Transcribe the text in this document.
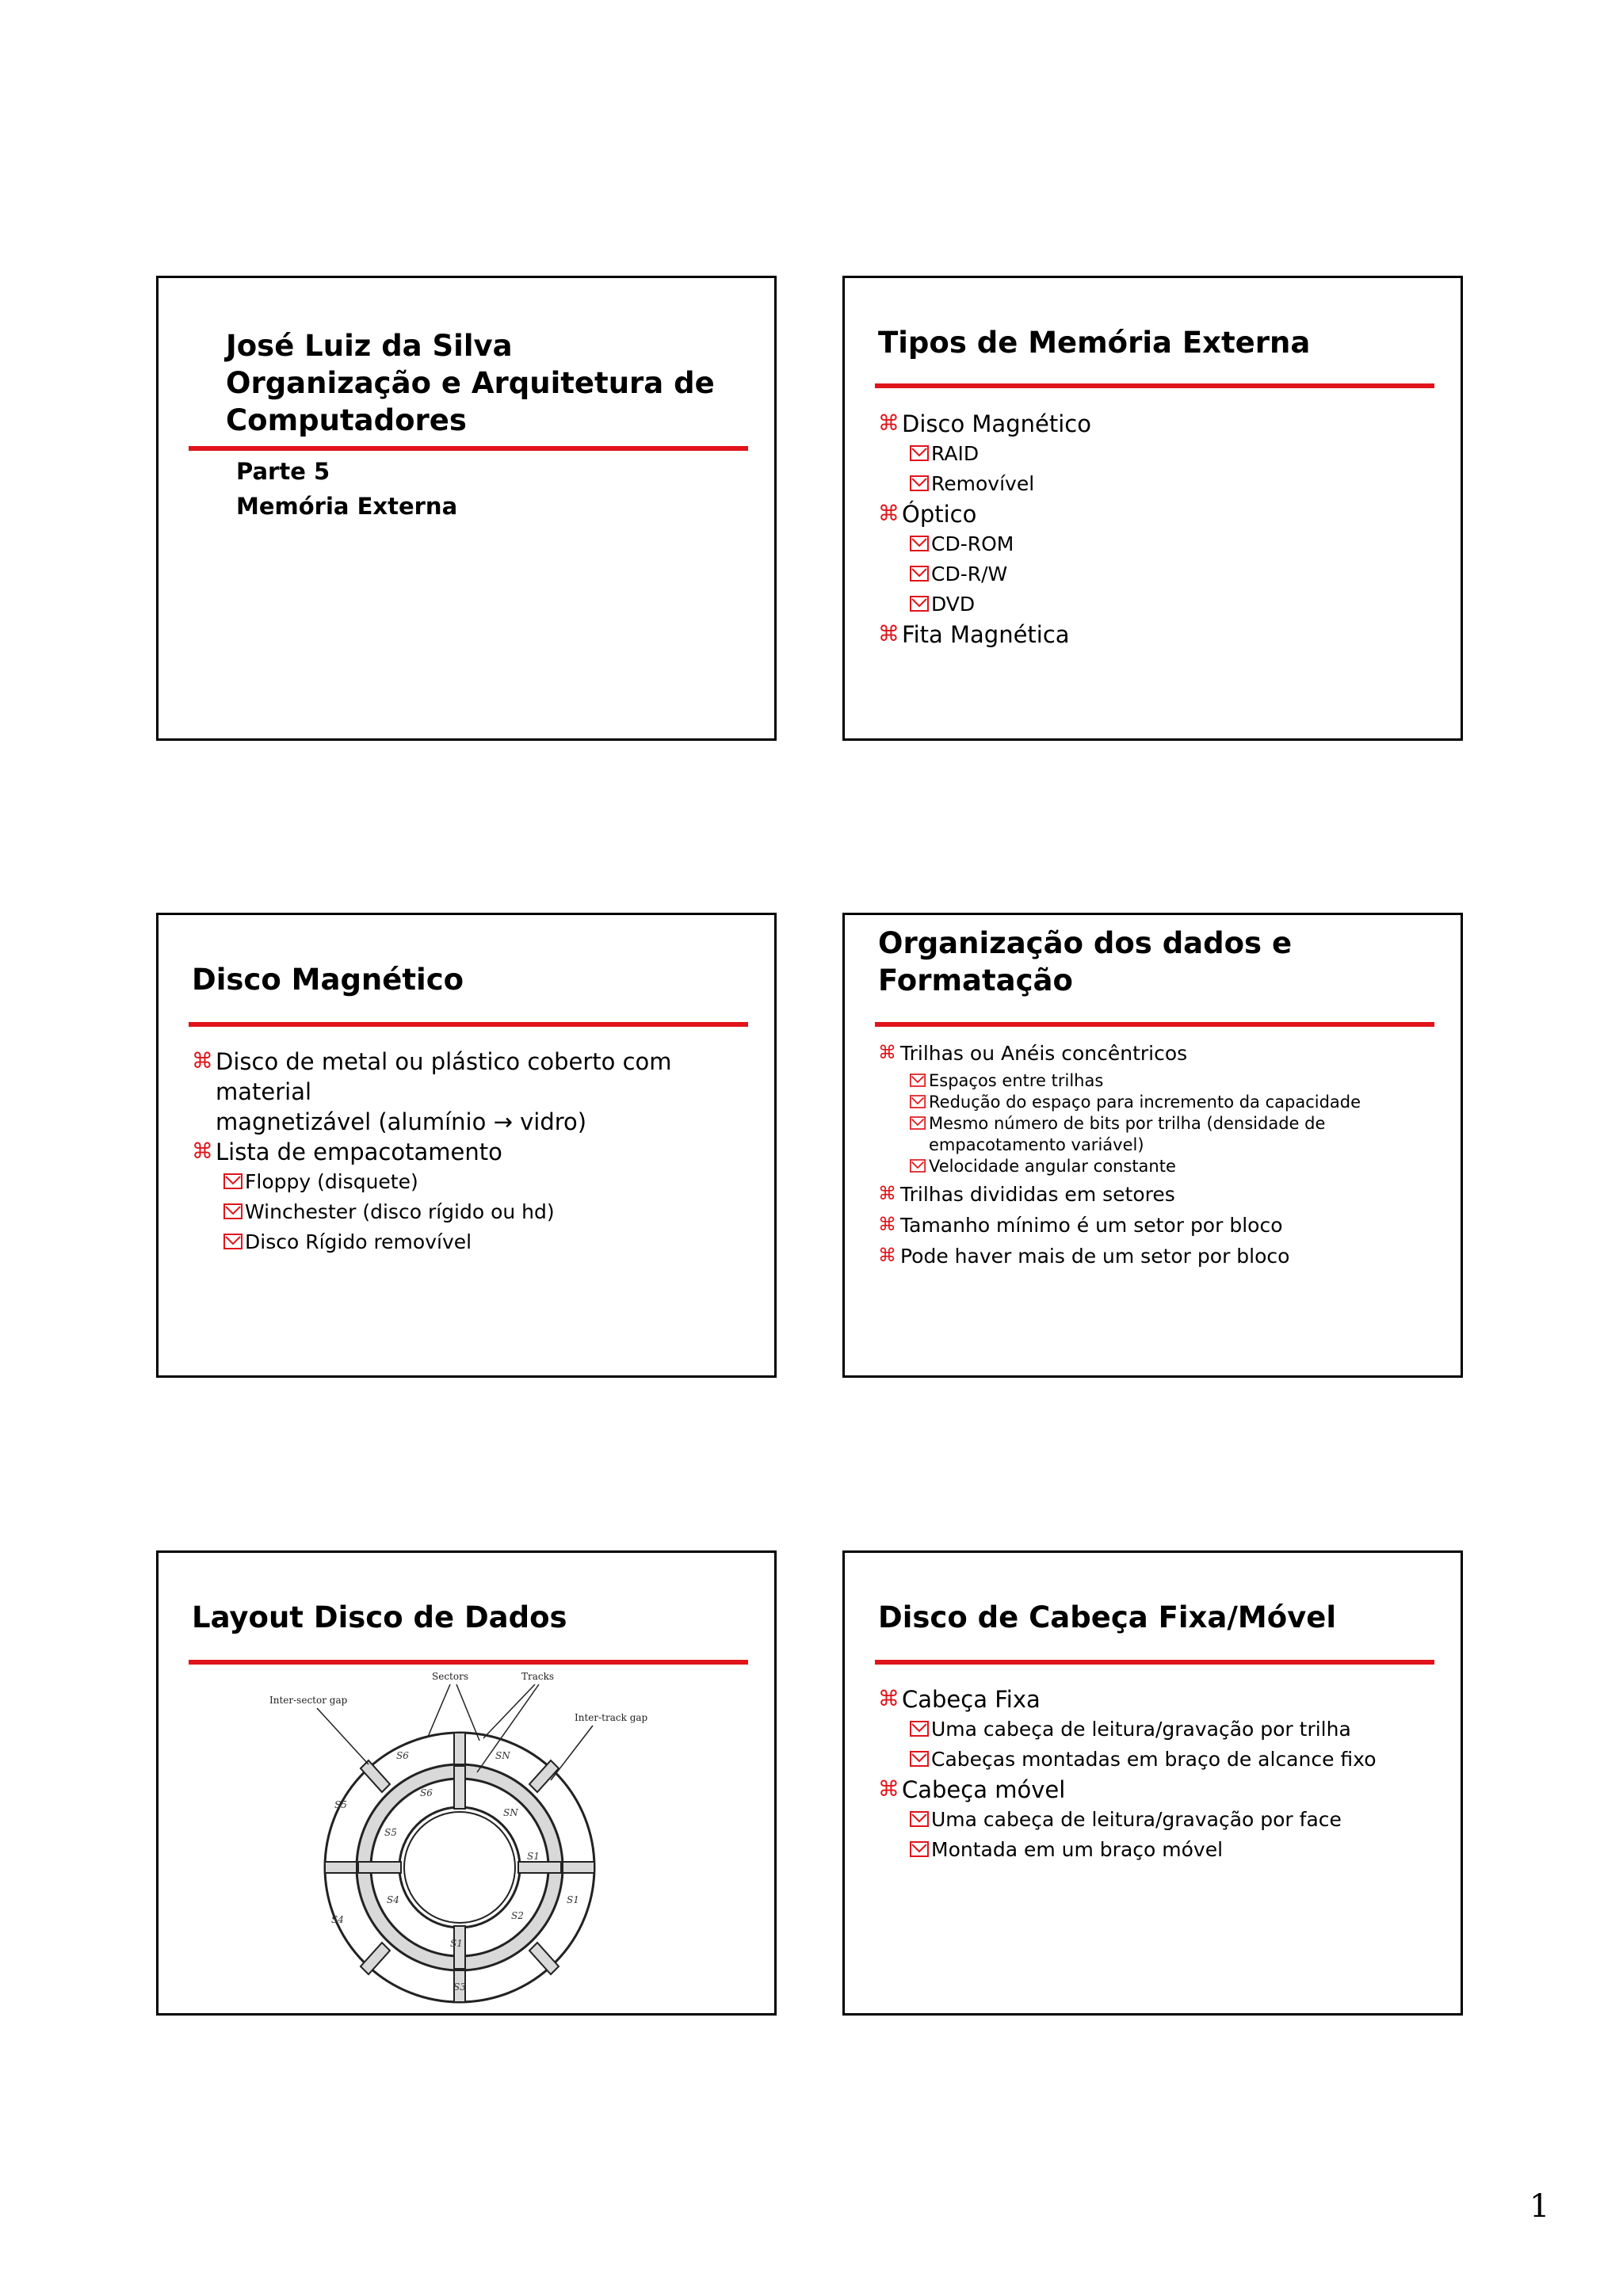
José Luiz da Silva
Organização e Arquitetura de
Computadores
Parte 5
Memória Externa
Tipos de Memória Externa
⌘ Disco Magnético
RAID
Removível
⌘ Óptico
CD-ROM
CD-R/W
DVD
⌘ Fita Magnética
Disco Magnético
⌘ Disco de metal ou plástico coberto com material
magnetizável (alumínio → vidro)
⌘ Lista de empacotamento
Floppy (disquete)
Winchester (disco rígido ou hd)
Disco Rígido removível
Organização dos dados e
Formatação
⌘ Trilhas ou Anéis concêntricos
Espaços entre trilhas
Redução do espaço para incremento da capacidade
Mesmo número de bits por trilha (densidade de empacotamento variável)
Velocidade angular constante
⌘ Trilhas divididas em setores
⌘ Tamanho mínimo é um setor por bloco
⌘ Pode haver mais de um setor por bloco
Layout Disco de Dados
Sectors	Tracks
Inter-sector gap
Inter-track gap
S6	SN
S5
S4
S1
S3
S6
SN
S5
S4
S1
S2
S1
Disco de Cabeça Fixa/Móvel
⌘ Cabeça Fixa
Uma cabeça de leitura/gravação por trilha
Cabeças montadas em braço de alcance fixo
⌘ Cabeça móvel
Uma cabeça de leitura/gravação por face
Montada em um braço móvel
1
